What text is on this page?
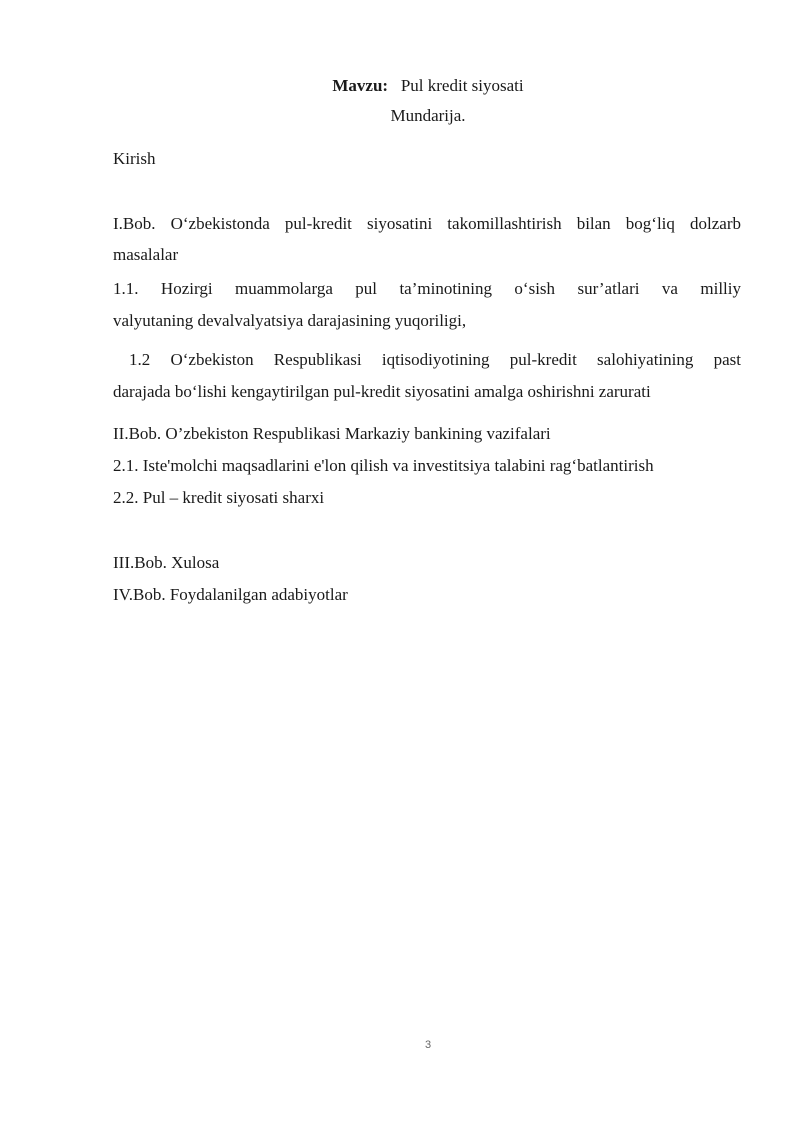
Mavzu: Pul kredit siyosati
Mundarija.
Kirish
I.Bob. O‘zbekistonda pul-kredit siyosatini takomillashtirish bilan bog‘liq dolzarb
masalalar
1.1. Hozirgi muammolarga pul ta’minotining o‘sish sur’atlari va milliy
valyutaning devalvalyatsiya darajasining yuqoriligi,
1.2 O‘zbekiston Respublikasi iqtisodiyotining pul-kredit salohiyatining past
darajada bo‘lishi kengaytirilgan pul-kredit siyosatini amalga oshirishni zarurati
II.Bob. O’zbekiston Respublikasi Markaziy bankining vazifalari
2.1. Iste'molchi maqsadlarini e'lon qilish va investitsiya talabini rag‘batlantirish
2.2. Pul – kredit siyosati sharxi
III.Bob. Xulosa
IV.Bob. Foydalanilgan adabiyotlar
3
